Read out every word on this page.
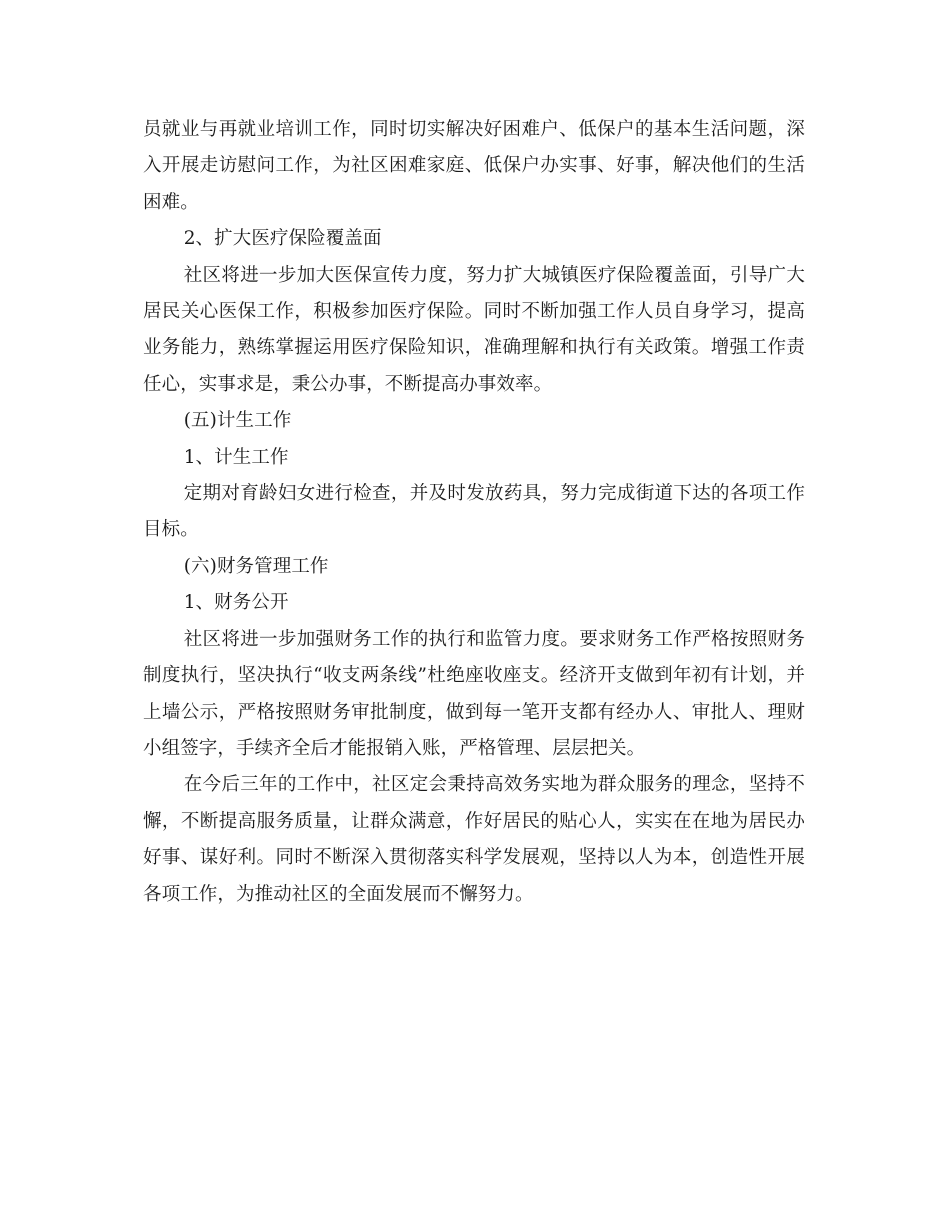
员就业与再就业培训工作，同时切实解决好困难户、低保户的基本生活问题，深入开展走访慰问工作，为社区困难家庭、低保户办实事、好事，解决他们的生活困难。

2、扩大医疗保险覆盖面

社区将进一步加大医保宣传力度，努力扩大城镇医疗保险覆盖面，引导广大居民关心医保工作，积极参加医疗保险。同时不断加强工作人员自身学习，提高业务能力，熟练掌握运用医疗保险知识，准确理解和执行有关政策。增强工作责任心，实事求是，秉公办事，不断提高办事效率。

(五)计生工作

1、计生工作

定期对育龄妇女进行检查，并及时发放药具，努力完成街道下达的各项工作目标。

(六)财务管理工作

1、财务公开

社区将进一步加强财务工作的执行和监管力度。要求财务工作严格按照财务制度执行，坚决执行“收支两条线”杜绝座收座支。经济开支做到年初有计划，并上墙公示，严格按照财务审批制度，做到每一笔开支都有经办人、审批人、理财小组签字，手续齐全后才能报销入账，严格管理、层层把关。

在今后三年的工作中，社区定会秉持高效务实地为群众服务的理念，坚持不懈，不断提高服务质量，让群众满意，作好居民的贴心人，实实在在地为居民办好事、谋好利。同时不断深入贯彻落实科学发展观，坚持以人为本，创造性开展各项工作，为推动社区的全面发展而不懈努力。
